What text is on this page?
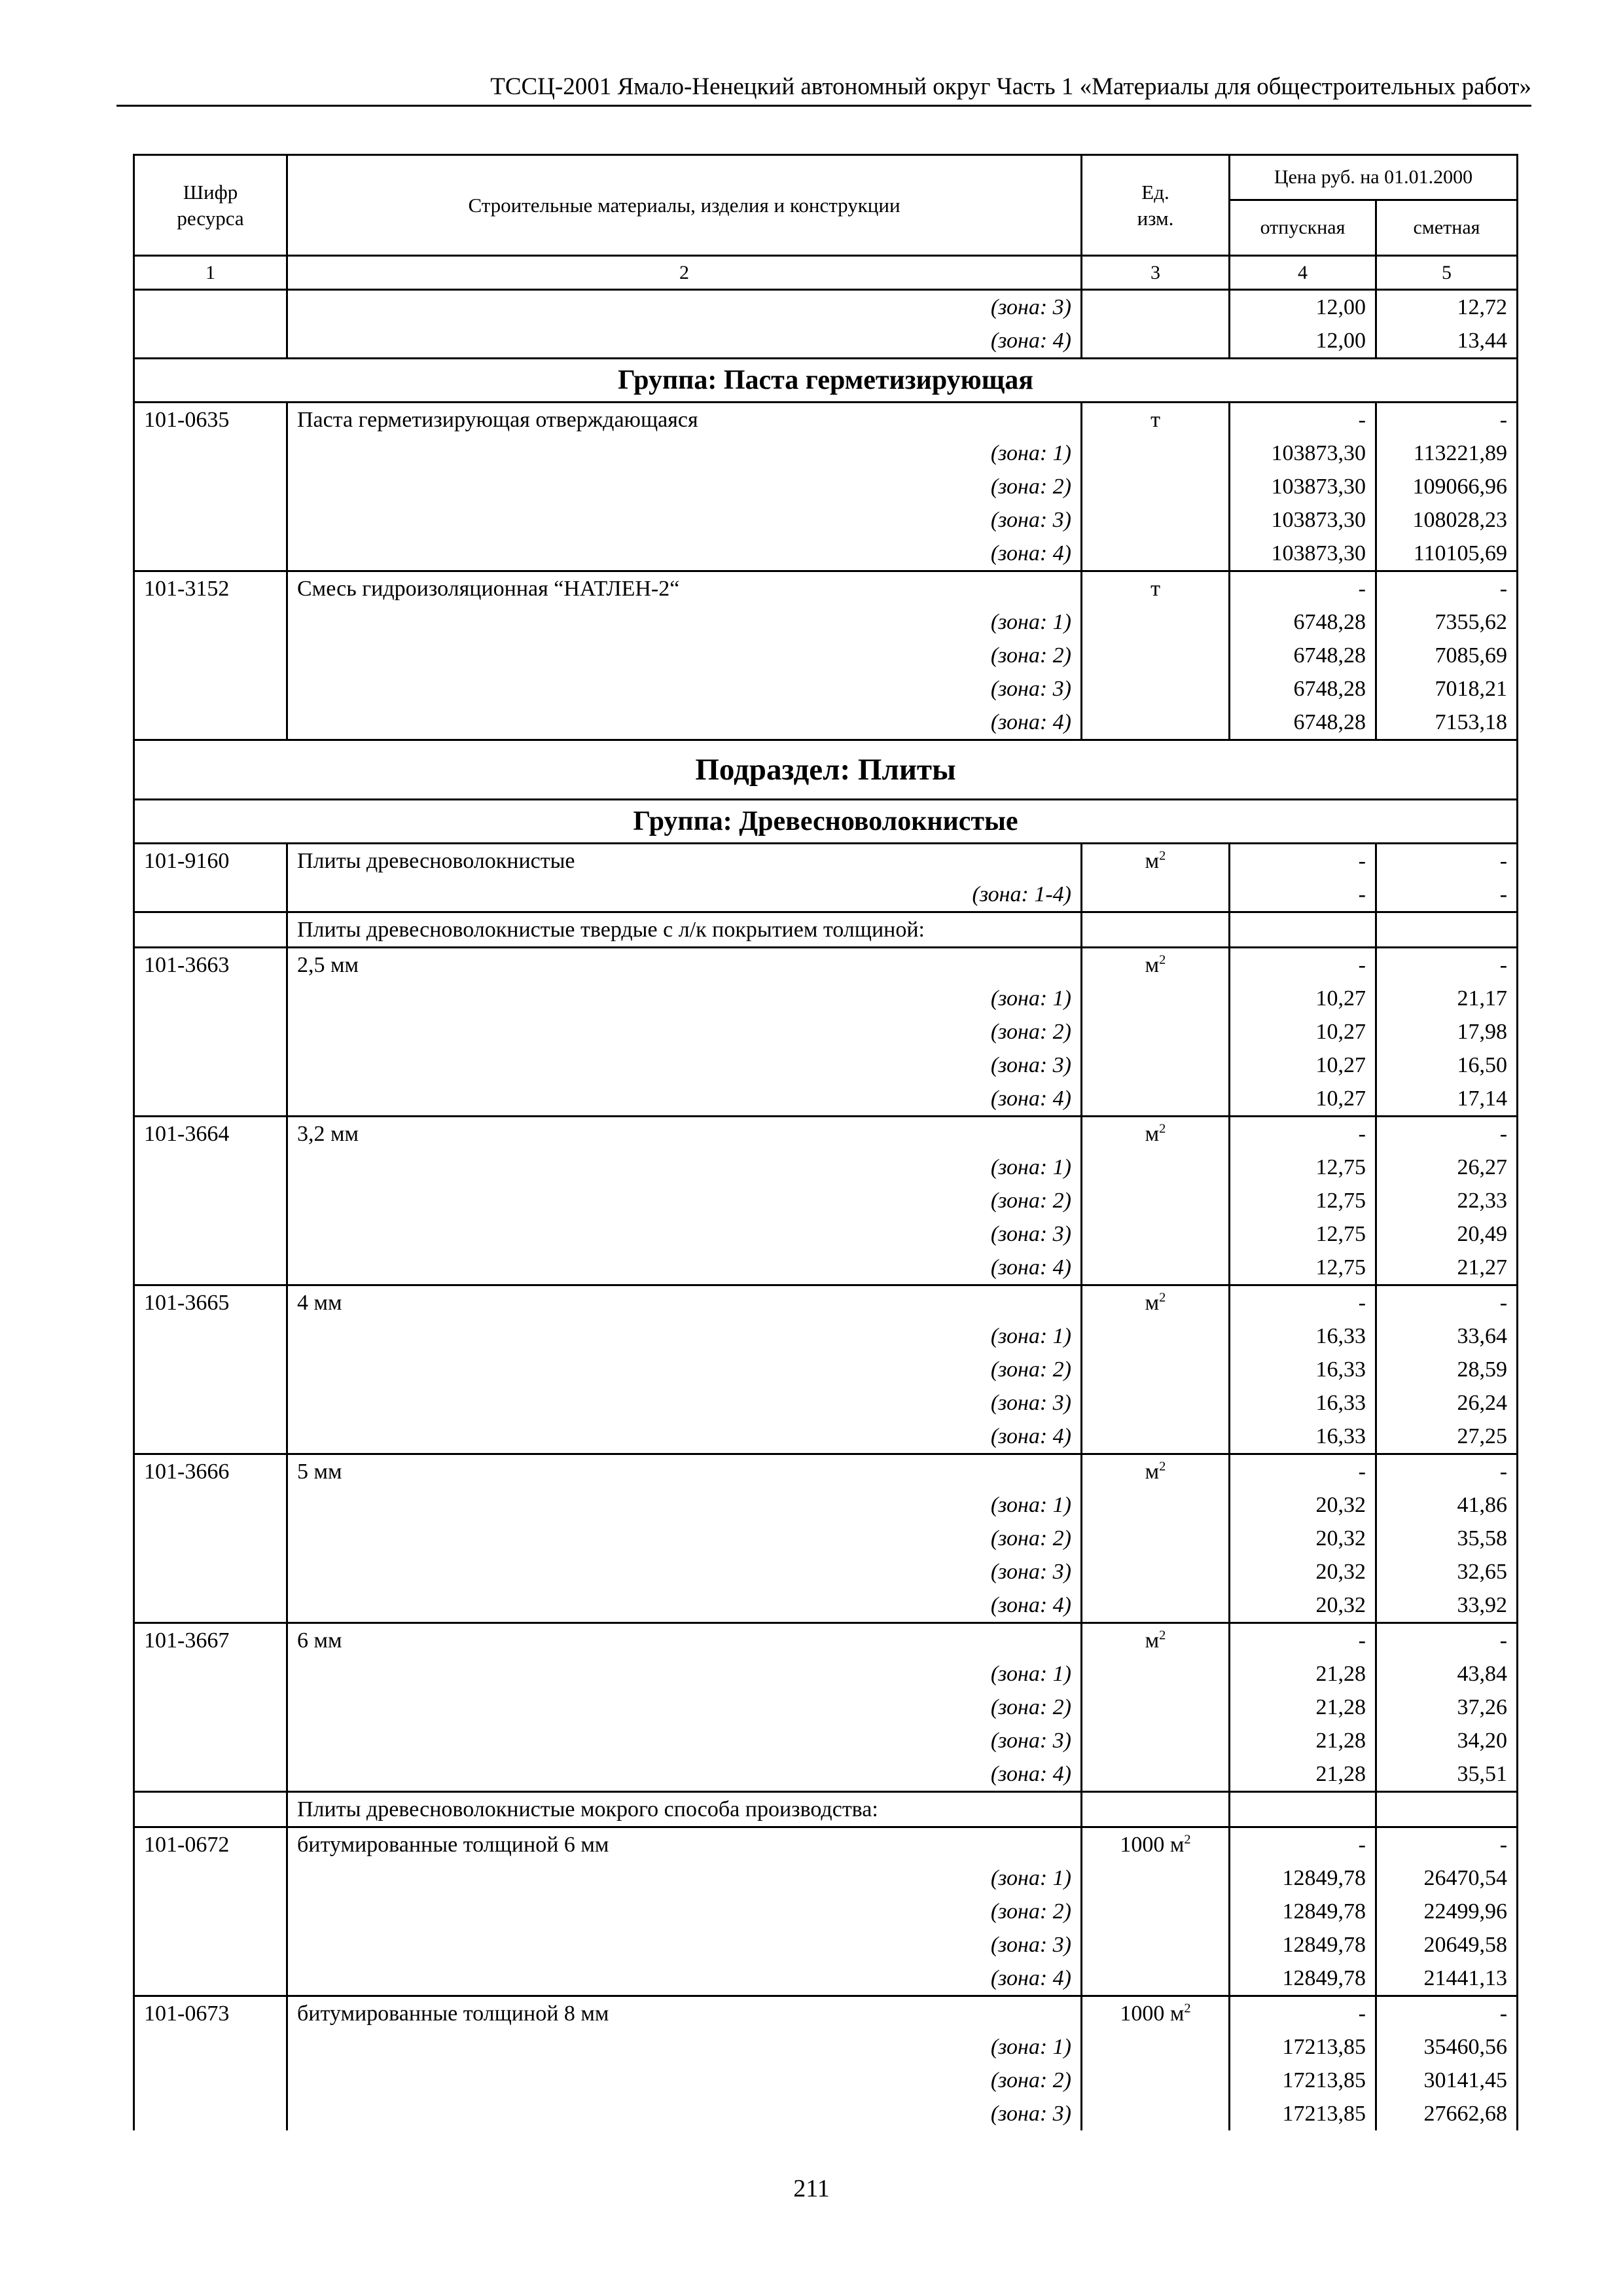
ТССЦ-2001 Ямало-Ненецкий автономный округ Часть 1 «Материалы для общестроительных работ»
Шифр ресурса	Строительные материалы, изделия и конструкции	Ед. изм.	Цена руб. на 01.01.2000	
			отпускная	сметная
1	2	3	4	5
	(зона: 3)		12,00	12,72
	(зона: 4)		12,00	13,44
Группа: Паста герметизирующая				
101-0635	Паста герметизирующая отверждающаяся	т	-	-
	(зона: 1)		103873,30	113221,89
	(зона: 2)		103873,30	109066,96
	(зона: 3)		103873,30	108028,23
	(зона: 4)		103873,30	110105,69
101-3152	Смесь гидроизоляционная “НАТЛЕН-2“	т	-	-
	(зона: 1)		6748,28	7355,62
	(зона: 2)		6748,28	7085,69
	(зона: 3)		6748,28	7018,21
	(зона: 4)		6748,28	7153,18
Подраздел: Плиты				
Группа: Древесноволокнистые				
101-9160	Плиты древесноволокнистые	$м^2$	-	-
	(зона: 1-4)		-	-
	Плиты древесноволокнистые твердые с л/к покрытием толщиной:			
101-3663	2,5 мм	$м^2$	-	-
	(зона: 1)		10,27	21,17
	(зона: 2)		10,27	17,98
	(зона: 3)		10,27	16,50
	(зона: 4)		10,27	17,14
101-3664	3,2 мм	$м^2$	-	-
	(зона: 1)		12,75	26,27
	(зона: 2)		12,75	22,33
	(зона: 3)		12,75	20,49
	(зона: 4)		12,75	21,27
101-3665	4 мм	$м^2$	-	-
	(зона: 1)		16,33	33,64
	(зона: 2)		16,33	28,59
	(зона: 3)		16,33	26,24
	(зона: 4)		16,33	27,25
101-3666	5 мм	$м^2$	-	-
	(зона: 1)		20,32	41,86
	(зона: 2)		20,32	35,58
	(зона: 3)		20,32	32,65
	(зона: 4)		20,32	33,92
101-3667	6 мм	$м^2$	-	-
	(зона: 1)		21,28	43,84
	(зона: 2)		21,28	37,26
	(зона: 3)		21,28	34,20
	(зона: 4)		21,28	35,51
	Плиты древесноволокнистые мокрого способа производства:			
101-0672	битумированные толщиной 6 мм	1000 $м^2$	-	-
	(зона: 1)		12849,78	26470,54
	(зона: 2)		12849,78	22499,96
	(зона: 3)		12849,78	20649,58
	(зона: 4)		12849,78	21441,13
101-0673	битумированные толщиной 8 мм	1000 $м^2$	-	-
	(зона: 1)		17213,85	35460,56
	(зона: 2)		17213,85	30141,45
	(зона: 3)		17213,85	27662,68
211
